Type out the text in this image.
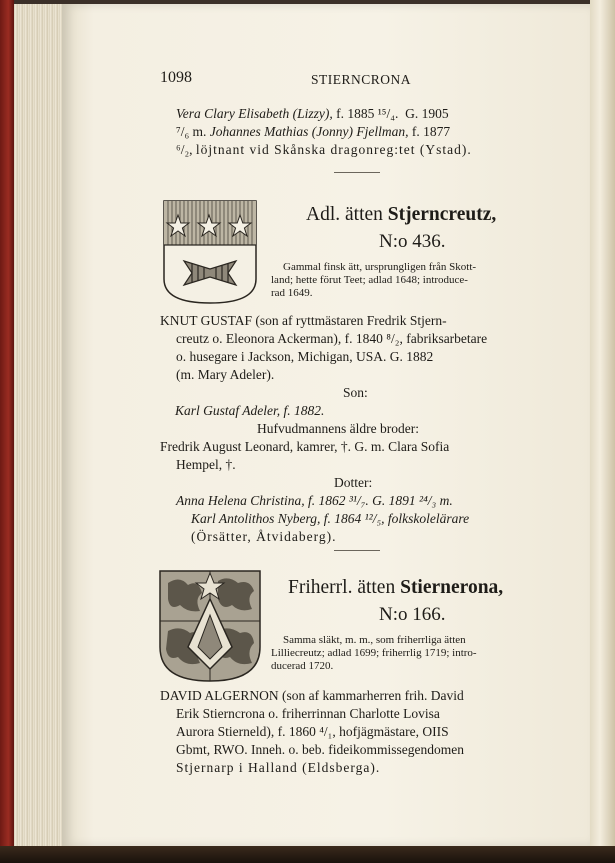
1098	STIERNCRONA
Vera Clary Elisabeth (Lizzy), f. 1885 ¹⁵/₄. G. 1905
⁷/₆ m. Johannes Mathias (Jonny) Fjellman, f. 1877
⁶/₂, löjtnant vid Skånska dragonreg:tet (Ystad).
Adl. ätten Stjerncreutz,
N:o 436.
Gammal finsk ätt, ursprungligen från Skott-
land; hette förut Teet; adlad 1648; introduce-
rad 1649.
KNUT GUSTAF (son af ryttmästaren Fredrik Stjern-
creutz o. Eleonora Ackerman), f. 1840 ⁸/₂, fabriksarbetare
o. husegare i Jackson, Michigan, USA. G. 1882
(m. Mary Adeler).
Son:
Karl Gustaf Adeler, f. 1882.
Hufvudmannens äldre broder:
Fredrik August Leonard, kamrer, †. G. m. Clara Sofia
Hempel, †.
Dotter:
Anna Helena Christina, f. 1862 ³¹/₇. G. 1891 ²⁴/₃ m.
Karl Antolithos Nyberg, f. 1864 ¹²/₅, folkskolelärare
(Örsätter, Åtvidaberg).
Friherrl. ätten Stiernerona,
N:o 166.
Samma släkt, m. m., som friherrliga ätten
Lilliecreutz; adlad 1699; friherrlig 1719; intro-
ducerad 1720.
DAVID ALGERNON (son af kammarherren frih. David
Erik Stierncrona o. friherrinnan Charlotte Lovisa
Aurora Stierneld), f. 1860 ⁴/₁, hofjägmästare, OIIS
Gbmt, RWO. Inneh. o. beb. fideikommissegendomen
Stjernarp i Halland (Eldsberga).
